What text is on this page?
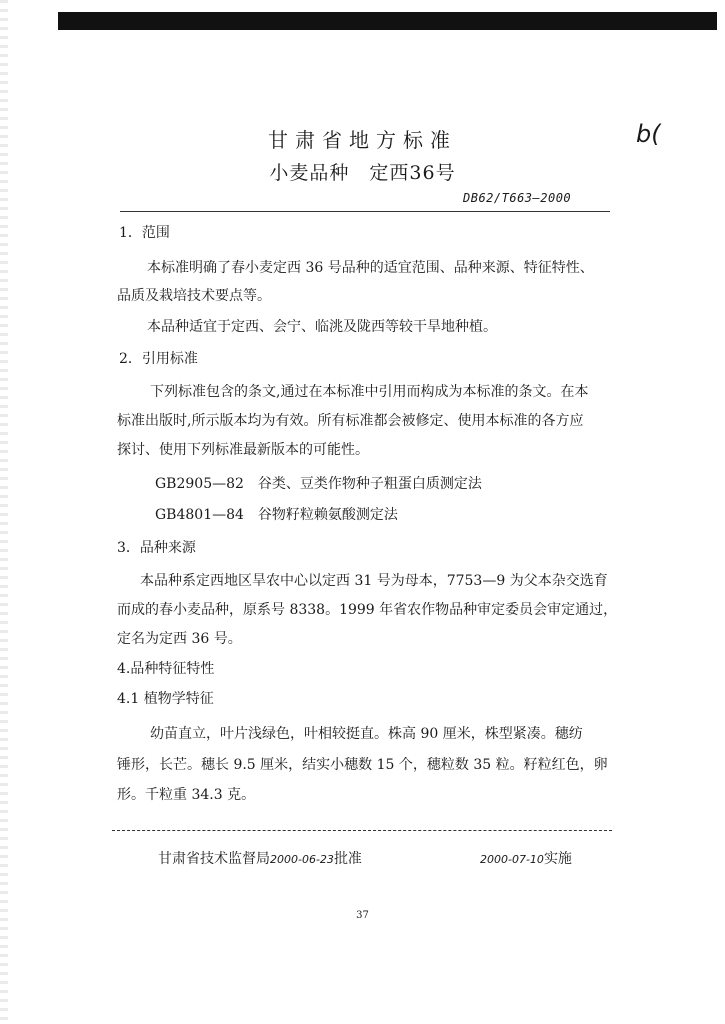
甘肃省地方标准
小麦品种　定西36号
b(
DB62/T663—2000
1．范围
本标准明确了春小麦定西 36 号品种的适宜范围、品种来源、特征特性、
品质及栽培技术要点等。
本品种适宜于定西、会宁、临洮及陇西等较干旱地种植。
2．引用标准
下列标准包含的条文,通过在本标准中引用而构成为本标准的条文。在本
标准出版时,所示版本均为有效。所有标准都会被修定、使用本标准的各方应
探讨、使用下列标准最新版本的可能性。
GB2905—82　谷类、豆类作物种子粗蛋白质测定法
GB4801—84　谷物籽粒赖氨酸测定法
3．品种来源
本品种系定西地区旱农中心以定西 31 号为母本，7753—9 为父本杂交选育
而成的春小麦品种，原系号 8338。1999 年省农作物品种审定委员会审定通过，
定名为定西 36 号。
4.品种特征特性
4.1 植物学特征
幼苗直立，叶片浅绿色，叶相较挺直。株高 90 厘米，株型紧凑。穗纺
锤形，长芒。穗长 9.5 厘米，结实小穗数 15 个，穗粒数 35 粒。籽粒红色，卵
形。千粒重 34.3 克。
甘肃省技术监督局2000-06-23批准	2000-07-10实施
37
